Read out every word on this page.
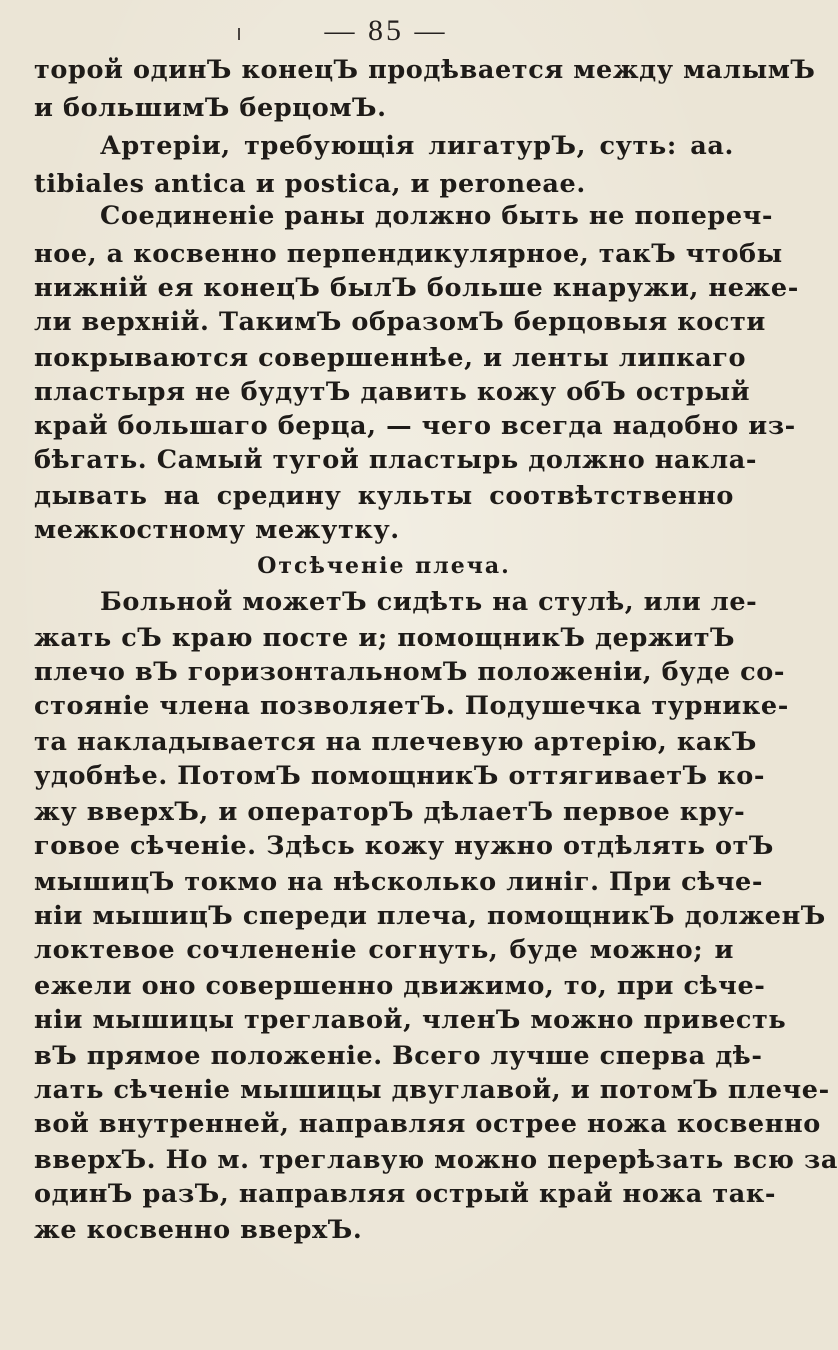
— 85 —
торой одинЪ конецЪ продѣвается между малымЪ
и большимЪ берцомЪ.
Артеріи, требующія лигатурЪ, суть: aa.
tibiales antica и postica, и peroneae.
Соединеніе раны должно быть не попереч-
ное, а косвенно перпендикулярное, такЪ чтобы
нижній ея конецЪ былЪ больше кнаружи, неже-
ли верхній. ТакимЪ образомЪ берцовыя кости
покрываются совершеннѣе, и ленты липкаго
пластыря не будутЪ давить кожу обЪ острый
край большаго берца, — чего всегда надобно из-
бѣгать. Самый тугой пластырь должно накла-
дывать на средину культы соотвѣтственно
межкостному межутку.
Отсѣченіе плеча.
Больной можетЪ сидѣть на стулѣ, или ле-
жать сЪ краю посте и; помощникЪ держитЪ
плечо вЪ горизонтальномЪ положеніи, буде со-
стояніе члена позволяетЪ. Подушечка турнике-
та накладывается на плечевую артерію, какЪ
удобнѣе. ПотомЪ помощникЪ оттягиваетЪ ко-
жу вверхЪ, и операторЪ дѣлаетЪ первое кру-
говое сѣченіе. Здѣсь кожу нужно отдѣлять отЪ
мышицЪ токмо на нѣсколько линіг. При сѣче-
ніи мышицЪ спереди плеча, помощникЪ долженЪ
локтевое сочлененіе согнуть, буде можно; и
ежели оно совершенно движимо, то, при сѣче-
ніи мышицы треглавой, членЪ можно привесть
вЪ прямое положеніе. Всего лучше сперва дѣ-
лать сѣченіе мышицы двуглавой, и потомЪ плече-
вой внутренней, направляя острее ножа косвенно
вверхЪ. Но м. треглавую можно перерѣзать всю за
одинЪ разЪ, направляя острый край ножа так-
же косвенно вверхЪ.
